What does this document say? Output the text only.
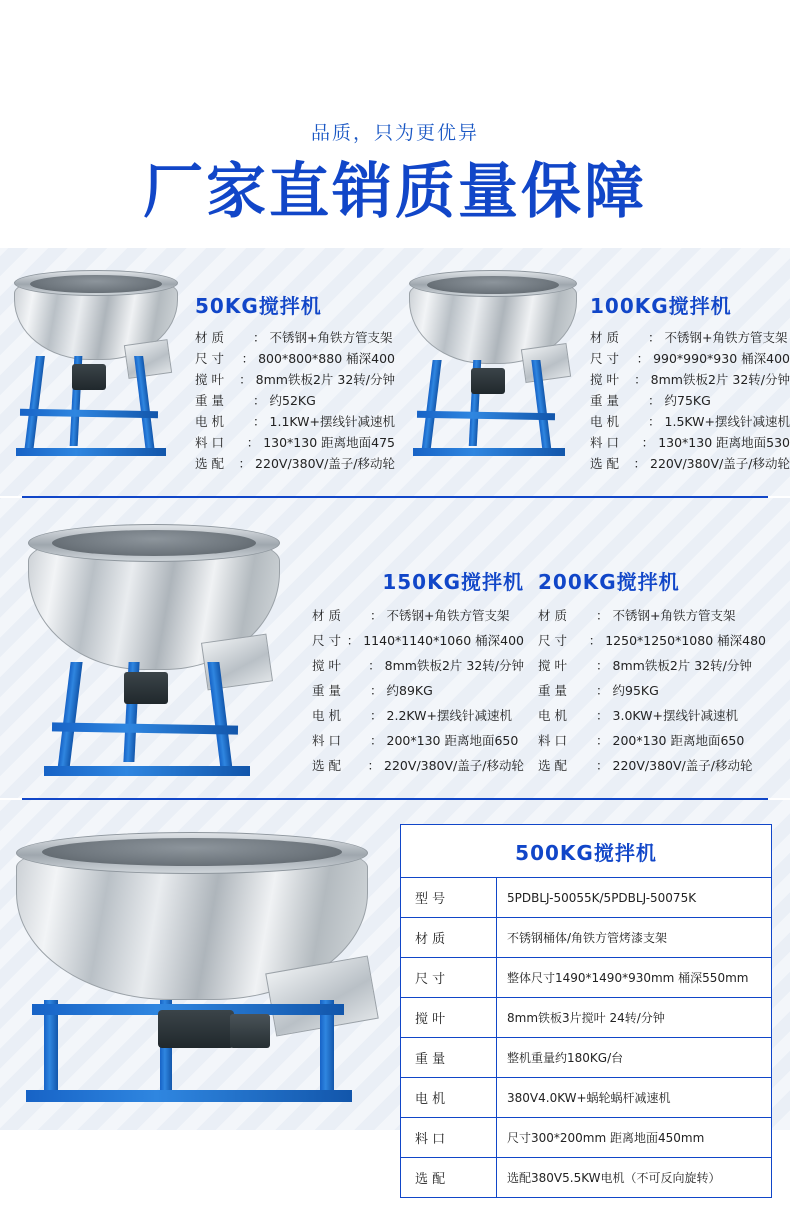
品质，只为更优异
厂家直销质量保障
50KG搅拌机
材 质	： 不锈钢+角铁方管支架
尺 寸	： 800*800*880 桶深400
搅 叶	： 8mm铁板2片 32转/分钟
重 量	： 约52KG
电 机	： 1.1KW+摆线针减速机
料 口	： 130*130 距离地面475
选 配	： 220V/380V/盖子/移动轮
100KG搅拌机
材 质	： 不锈钢+角铁方管支架
尺 寸	： 990*990*930 桶深400
搅 叶	： 8mm铁板2片 32转/分钟
重 量	： 约75KG
电 机	： 1.5KW+摆线针减速机
料 口	： 130*130 距离地面530
选 配	： 220V/380V/盖子/移动轮
150KG搅拌机
材 质	： 不锈钢+角铁方管支架
尺 寸 ： 1140*1140*1060 桶深400
搅 叶	： 8mm铁板2片 32转/分钟
重 量	： 约89KG
电 机	： 2.2KW+摆线针减速机
料 口	： 200*130 距离地面650
选 配	： 220V/380V/盖子/移动轮
200KG搅拌机
材 质	： 不锈钢+角铁方管支架
尺 寸	： 1250*1250*1080 桶深480
搅 叶	： 8mm铁板2片 32转/分钟
重 量	： 约95KG
电 机	： 3.0KW+摆线针减速机
料 口	： 200*130 距离地面650
选 配	： 220V/380V/盖子/移动轮
500KG搅拌机
型 号	5PDBLJ-50055K/5PDBLJ-50075K
材 质	不锈钢桶体/角铁方管烤漆支架
尺 寸	整体尺寸1490*1490*930mm 桶深550mm
搅 叶	8mm铁板3片搅叶 24转/分钟
重 量	整机重量约180KG/台
电 机	380V4.0KW+蜗轮蜗杆减速机
料 口	尺寸300*200mm 距离地面450mm
选 配	选配380V5.5KW电机（不可反向旋转）
